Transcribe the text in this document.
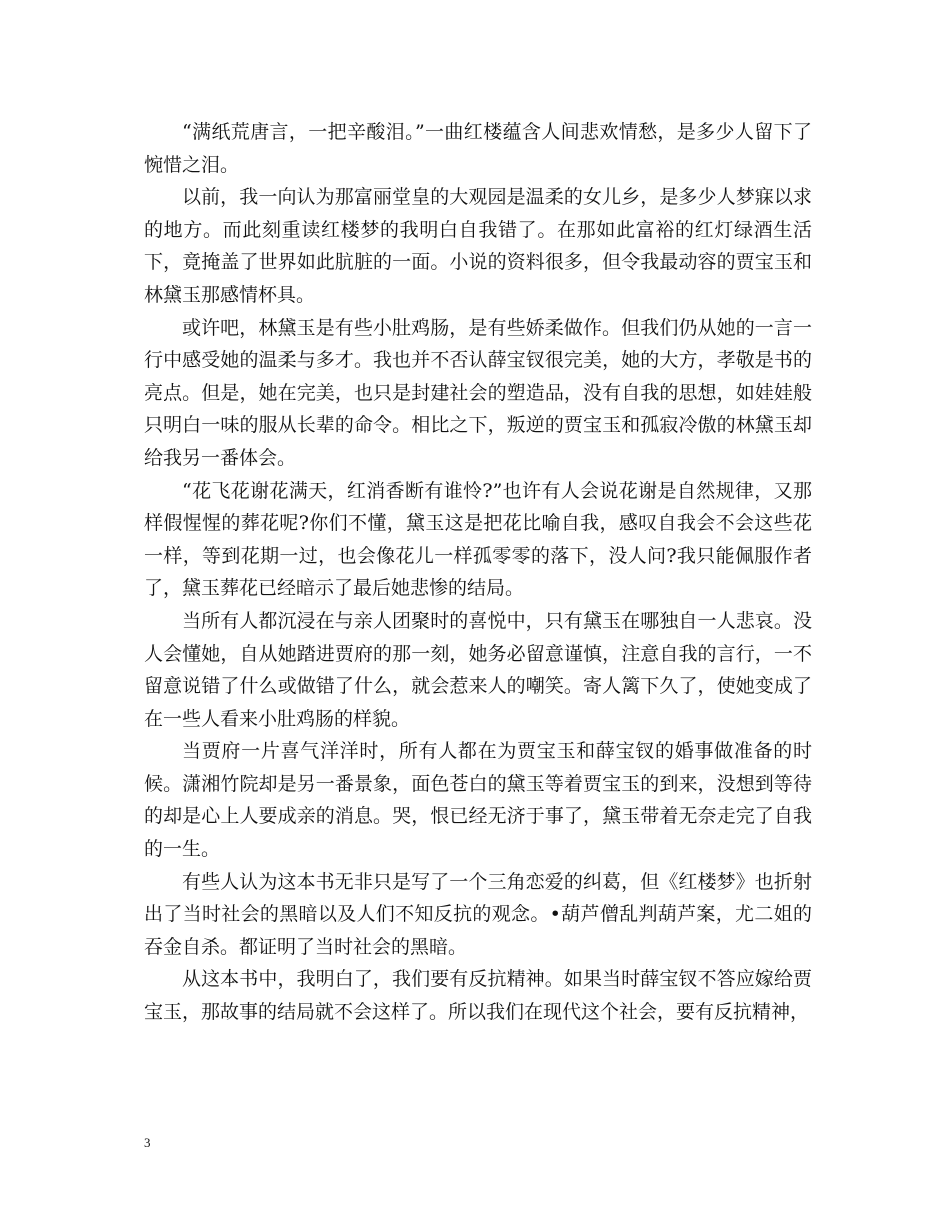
“满纸荒唐言，一把辛酸泪。”一曲红楼蕴含人间悲欢情愁，是多少人留下了惋惜之泪。

以前，我一向认为那富丽堂皇的大观园是温柔的女儿乡，是多少人梦寐以求的地方。而此刻重读红楼梦的我明白自我错了。在那如此富裕的红灯绿酒生活下，竟掩盖了世界如此肮脏的一面。小说的资料很多，但令我最动容的贾宝玉和林黛玉那感情杯具。

或许吧，林黛玉是有些小肚鸡肠，是有些娇柔做作。但我们仍从她的一言一行中感受她的温柔与多才。我也并不否认薛宝钗很完美，她的大方，孝敬是书的亮点。但是，她在完美，也只是封建社会的塑造品，没有自我的思想，如娃娃般只明白一味的服从长辈的命令。相比之下，叛逆的贾宝玉和孤寂冷傲的林黛玉却给我另一番体会。

“花飞花谢花满天，红消香断有谁怜?”也许有人会说花谢是自然规律，又那样假惺惺的葬花呢?你们不懂，黛玉这是把花比喻自我，感叹自我会不会这些花一样，等到花期一过，也会像花儿一样孤零零的落下，没人问?我只能佩服作者了，黛玉葬花已经暗示了最后她悲惨的结局。

当所有人都沉浸在与亲人团聚时的喜悦中，只有黛玉在哪独自一人悲哀。没人会懂她，自从她踏进贾府的那一刻，她务必留意谨慎，注意自我的言行，一不留意说错了什么或做错了什么，就会惹来人的嘲笑。寄人篱下久了，使她变成了在一些人看来小肚鸡肠的样貌。

当贾府一片喜气洋洋时，所有人都在为贾宝玉和薛宝钗的婚事做准备的时候。潇湘竹院却是另一番景象，面色苍白的黛玉等着贾宝玉的到来，没想到等待的却是心上人要成亲的消息。哭，恨已经无济于事了，黛玉带着无奈走完了自我的一生。

有些人认为这本书无非只是写了一个三角恋爱的纠葛，但《红楼梦》也折射出了当时社会的黑暗以及人们不知反抗的观念。•葫芦僧乱判葫芦案，尤二姐的吞金自杀。都证明了当时社会的黑暗。

从这本书中，我明白了，我们要有反抗精神。如果当时薛宝钗不答应嫁给贾宝玉，那故事的结局就不会这样了。所以我们在现代这个社会，要有反抗精神，

3
